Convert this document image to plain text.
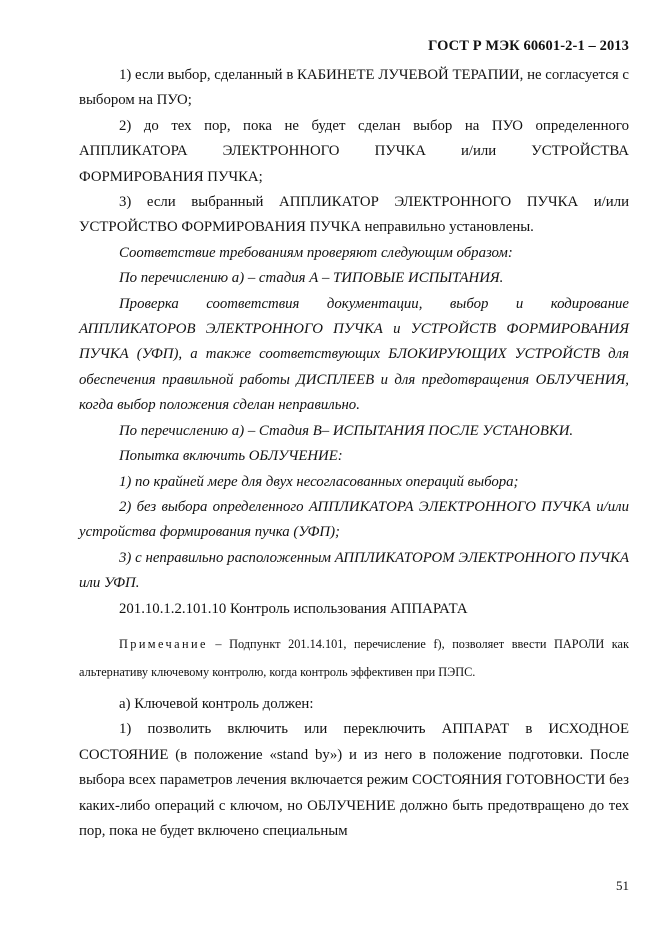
ГОСТ Р МЭК 60601-2-1 – 2013

1) если выбор, сделанный в КАБИНЕТЕ ЛУЧЕВОЙ ТЕРАПИИ, не согласуется с выбором на ПУО;

2) до тех пор, пока не будет сделан выбор на ПУО определенного АППЛИКАТОРА ЭЛЕКТРОННОГО ПУЧКА и/или УСТРОЙСТВА ФОРМИРОВАНИЯ ПУЧКА;

3) если выбранный АППЛИКАТОР ЭЛЕКТРОННОГО ПУЧКА и/или УСТРОЙСТВО ФОРМИРОВАНИЯ ПУЧКА неправильно установлены.

Соответствие требованиям проверяют следующим образом:

По перечислению а) – стадия А – ТИПОВЫЕ ИСПЫТАНИЯ.

Проверка соответствия документации, выбор и кодирование АППЛИКАТОРОВ ЭЛЕКТРОННОГО ПУЧКА и УСТРОЙСТВ ФОРМИРОВАНИЯ ПУЧКА (УФП), а также соответствующих БЛОКИРУЮЩИХ УСТРОЙСТВ для обеспечения правильной работы ДИСПЛЕЕВ и для предотвращения ОБЛУЧЕНИЯ, когда выбор положения сделан неправильно.

По перечислению а) – Стадия В– ИСПЫТАНИЯ ПОСЛЕ УСТАНОВКИ.

Попытка включить ОБЛУЧЕНИЕ:

1) по крайней мере для двух несогласованных операций выбора;

2) без выбора определенного АППЛИКАТОРА ЭЛЕКТРОННОГО ПУЧКА и/или устройства формирования пучка (УФП);

3) с неправильно расположенным АППЛИКАТОРОМ ЭЛЕКТРОННОГО ПУЧКА или УФП.

201.10.1.2.101.10 Контроль использования АППАРАТА

Примечание – Подпункт 201.14.101, перечисление f), позволяет ввести ПАРОЛИ как альтернативу ключевому контролю, когда контроль эффективен при ПЭПС.

а) Ключевой контроль должен:

1) позволить включить или переключить АППАРАТ в ИСХОДНОЕ СОСТОЯНИЕ (в положение «stand by») и из него в положение подготовки. После выбора всех параметров лечения включается режим СОСТОЯНИЯ ГОТОВНОСТИ без каких-либо операций с ключом, но ОБЛУЧЕНИЕ должно быть предотвращено до тех пор, пока не будет включено специальным

51
